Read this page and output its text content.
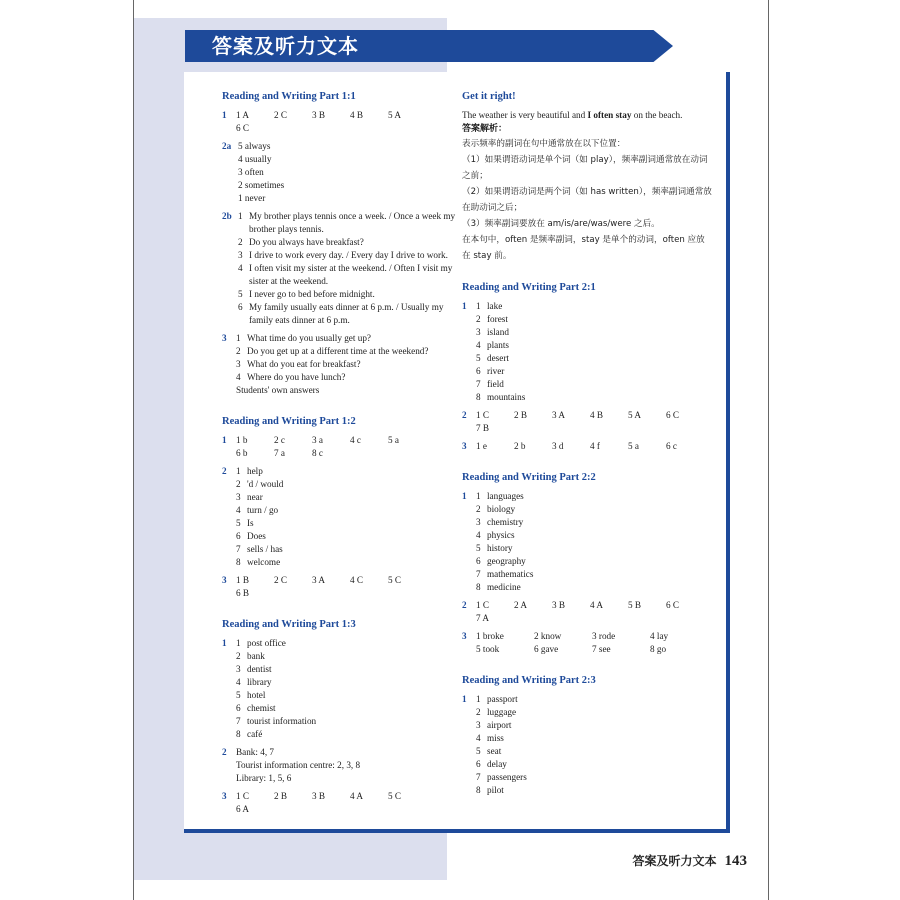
答案及听力文本
Reading and Writing Part 1:1
1	1 A	2 C	3 B	4 B	5 A
6 C
2a 5 always
4 usually
3 often
2 sometimes
1 never
2b 1 My brother plays tennis once a week. / Once a week my brother plays tennis.
2 Do you always have breakfast?
3 I drive to work every day. / Every day I drive to work.
4 I often visit my sister at the weekend. / Often I visit my sister at the weekend.
5 I never go to bed before midnight.
6 My family usually eats dinner at 6 p.m. / Usually my family eats dinner at 6 p.m.
3	1 What time do you usually get up?
2 Do you get up at a different time at the weekend?
3 What do you eat for breakfast?
4 Where do you have lunch?
Students' own answers
Reading and Writing Part 1:2
1	1 b	2 c	3 a	4 c	5 a
6 b	7 a	8 c
2	1 help
2 'd / would
3 near
4 turn / go
5 Is
6 Does
7 sells / has
8 welcome
3	1 B	2 C	3 A	4 C	5 C
6 B
Reading and Writing Part 1:3
1	1 post office
2 bank
3 dentist
4 library
5 hotel
6 chemist
7 tourist information
8 café
2	Bank: 4, 7
Tourist information centre: 2, 3, 8
Library: 1, 5, 6
3	1 C	2 B	3 B	4 A	5 C
6 A
Get it right!
The weather is very beautiful and I often stay on the beach.
答案解析：
表示频率的副词在句中通常放在以下位置：
（1）如果谓语动词是单个词（如 play），频率副词通常放在动词之前；
（2）如果谓语动词是两个词（如 has written），频率副词通常放在助动词之后；
（3）频率副词要放在 am/is/are/was/were 之后。
在本句中，often 是频率副词，stay 是单个的动词，often 应放在 stay 前。
Reading and Writing Part 2:1
1	1 lake
2 forest
3 island
4 plants
5 desert
6 river
7 field
8 mountains
2	1 C	2 B	3 A	4 B	5 A	6 C
7 B
3	1 e	2 b	3 d	4 f	5 a	6 c
Reading and Writing Part 2:2
1	1 languages
2 biology
3 chemistry
4 physics
5 history
6 geography
7 mathematics
8 medicine
2	1 C	2 A	3 B	4 A	5 B	6 C
7 A
3	1 broke	2 know	3 rode	4 lay
5 took	6 gave	7 see	8 go
Reading and Writing Part 2:3
1	1 passport
2 luggage
3 airport
4 miss
5 seat
6 delay
7 passengers
8 pilot
答案及听力文本 143
